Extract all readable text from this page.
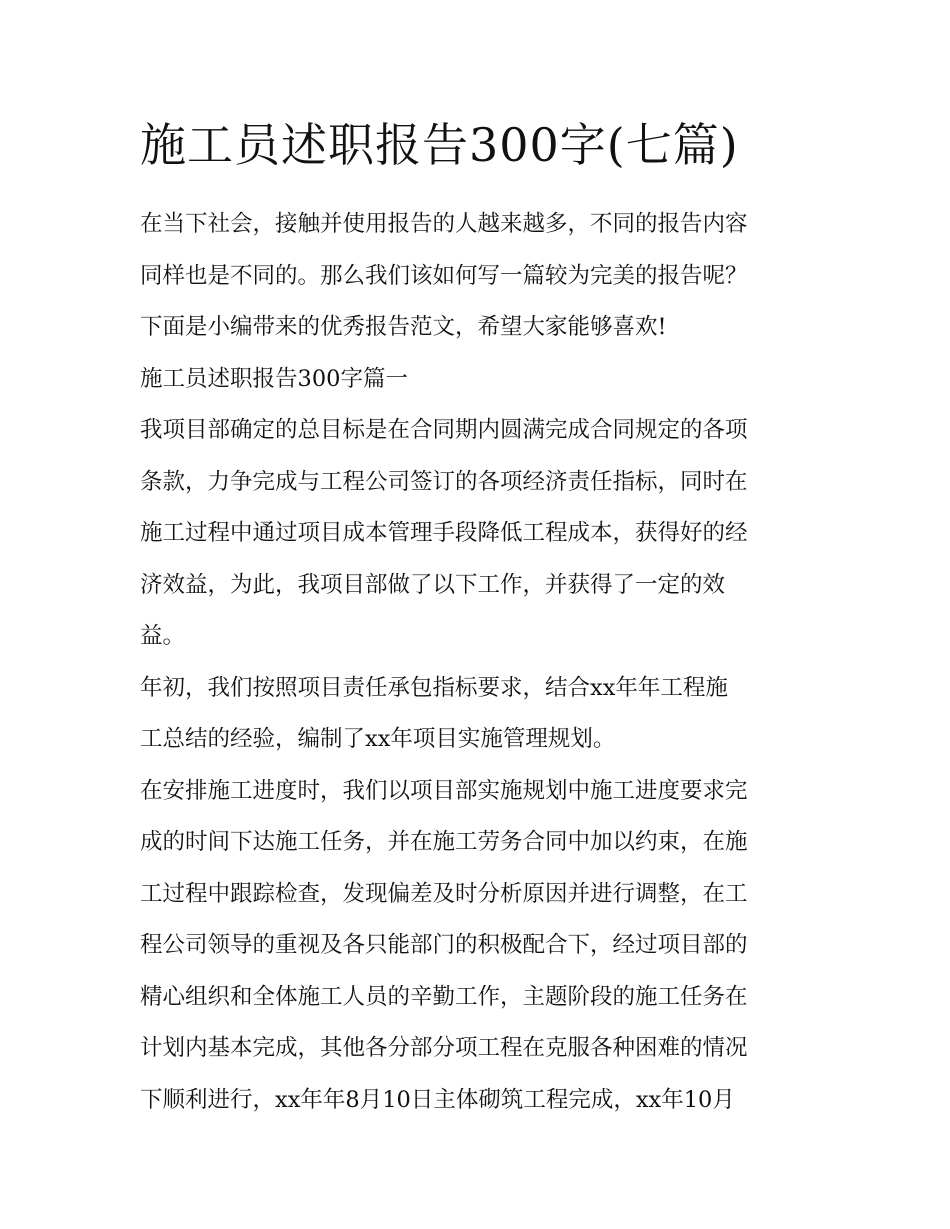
施工员述职报告300字(七篇)
在当下社会，接触并使用报告的人越来越多，不同的报告内容
同样也是不同的。那么我们该如何写一篇较为完美的报告呢？
下面是小编带来的优秀报告范文，希望大家能够喜欢!
施工员述职报告300字篇一
我项目部确定的总目标是在合同期内圆满完成合同规定的各项
条款，力争完成与工程公司签订的各项经济责任指标，同时在
施工过程中通过项目成本管理手段降低工程成本，获得好的经
济效益，为此，我项目部做了以下工作，并获得了一定的效
益。
年初，我们按照项目责任承包指标要求，结合xx年年工程施
工总结的经验，编制了xx年项目实施管理规划。
在安排施工进度时，我们以项目部实施规划中施工进度要求完
成的时间下达施工任务，并在施工劳务合同中加以约束，在施
工过程中跟踪检查，发现偏差及时分析原因并进行调整，在工
程公司领导的重视及各只能部门的积极配合下，经过项目部的
精心组织和全体施工人员的辛勤工作，主题阶段的施工任务在
计划内基本完成，其他各分部分项工程在克服各种困难的情况
下顺利进行，xx年年8月10日主体砌筑工程完成，xx年10月
